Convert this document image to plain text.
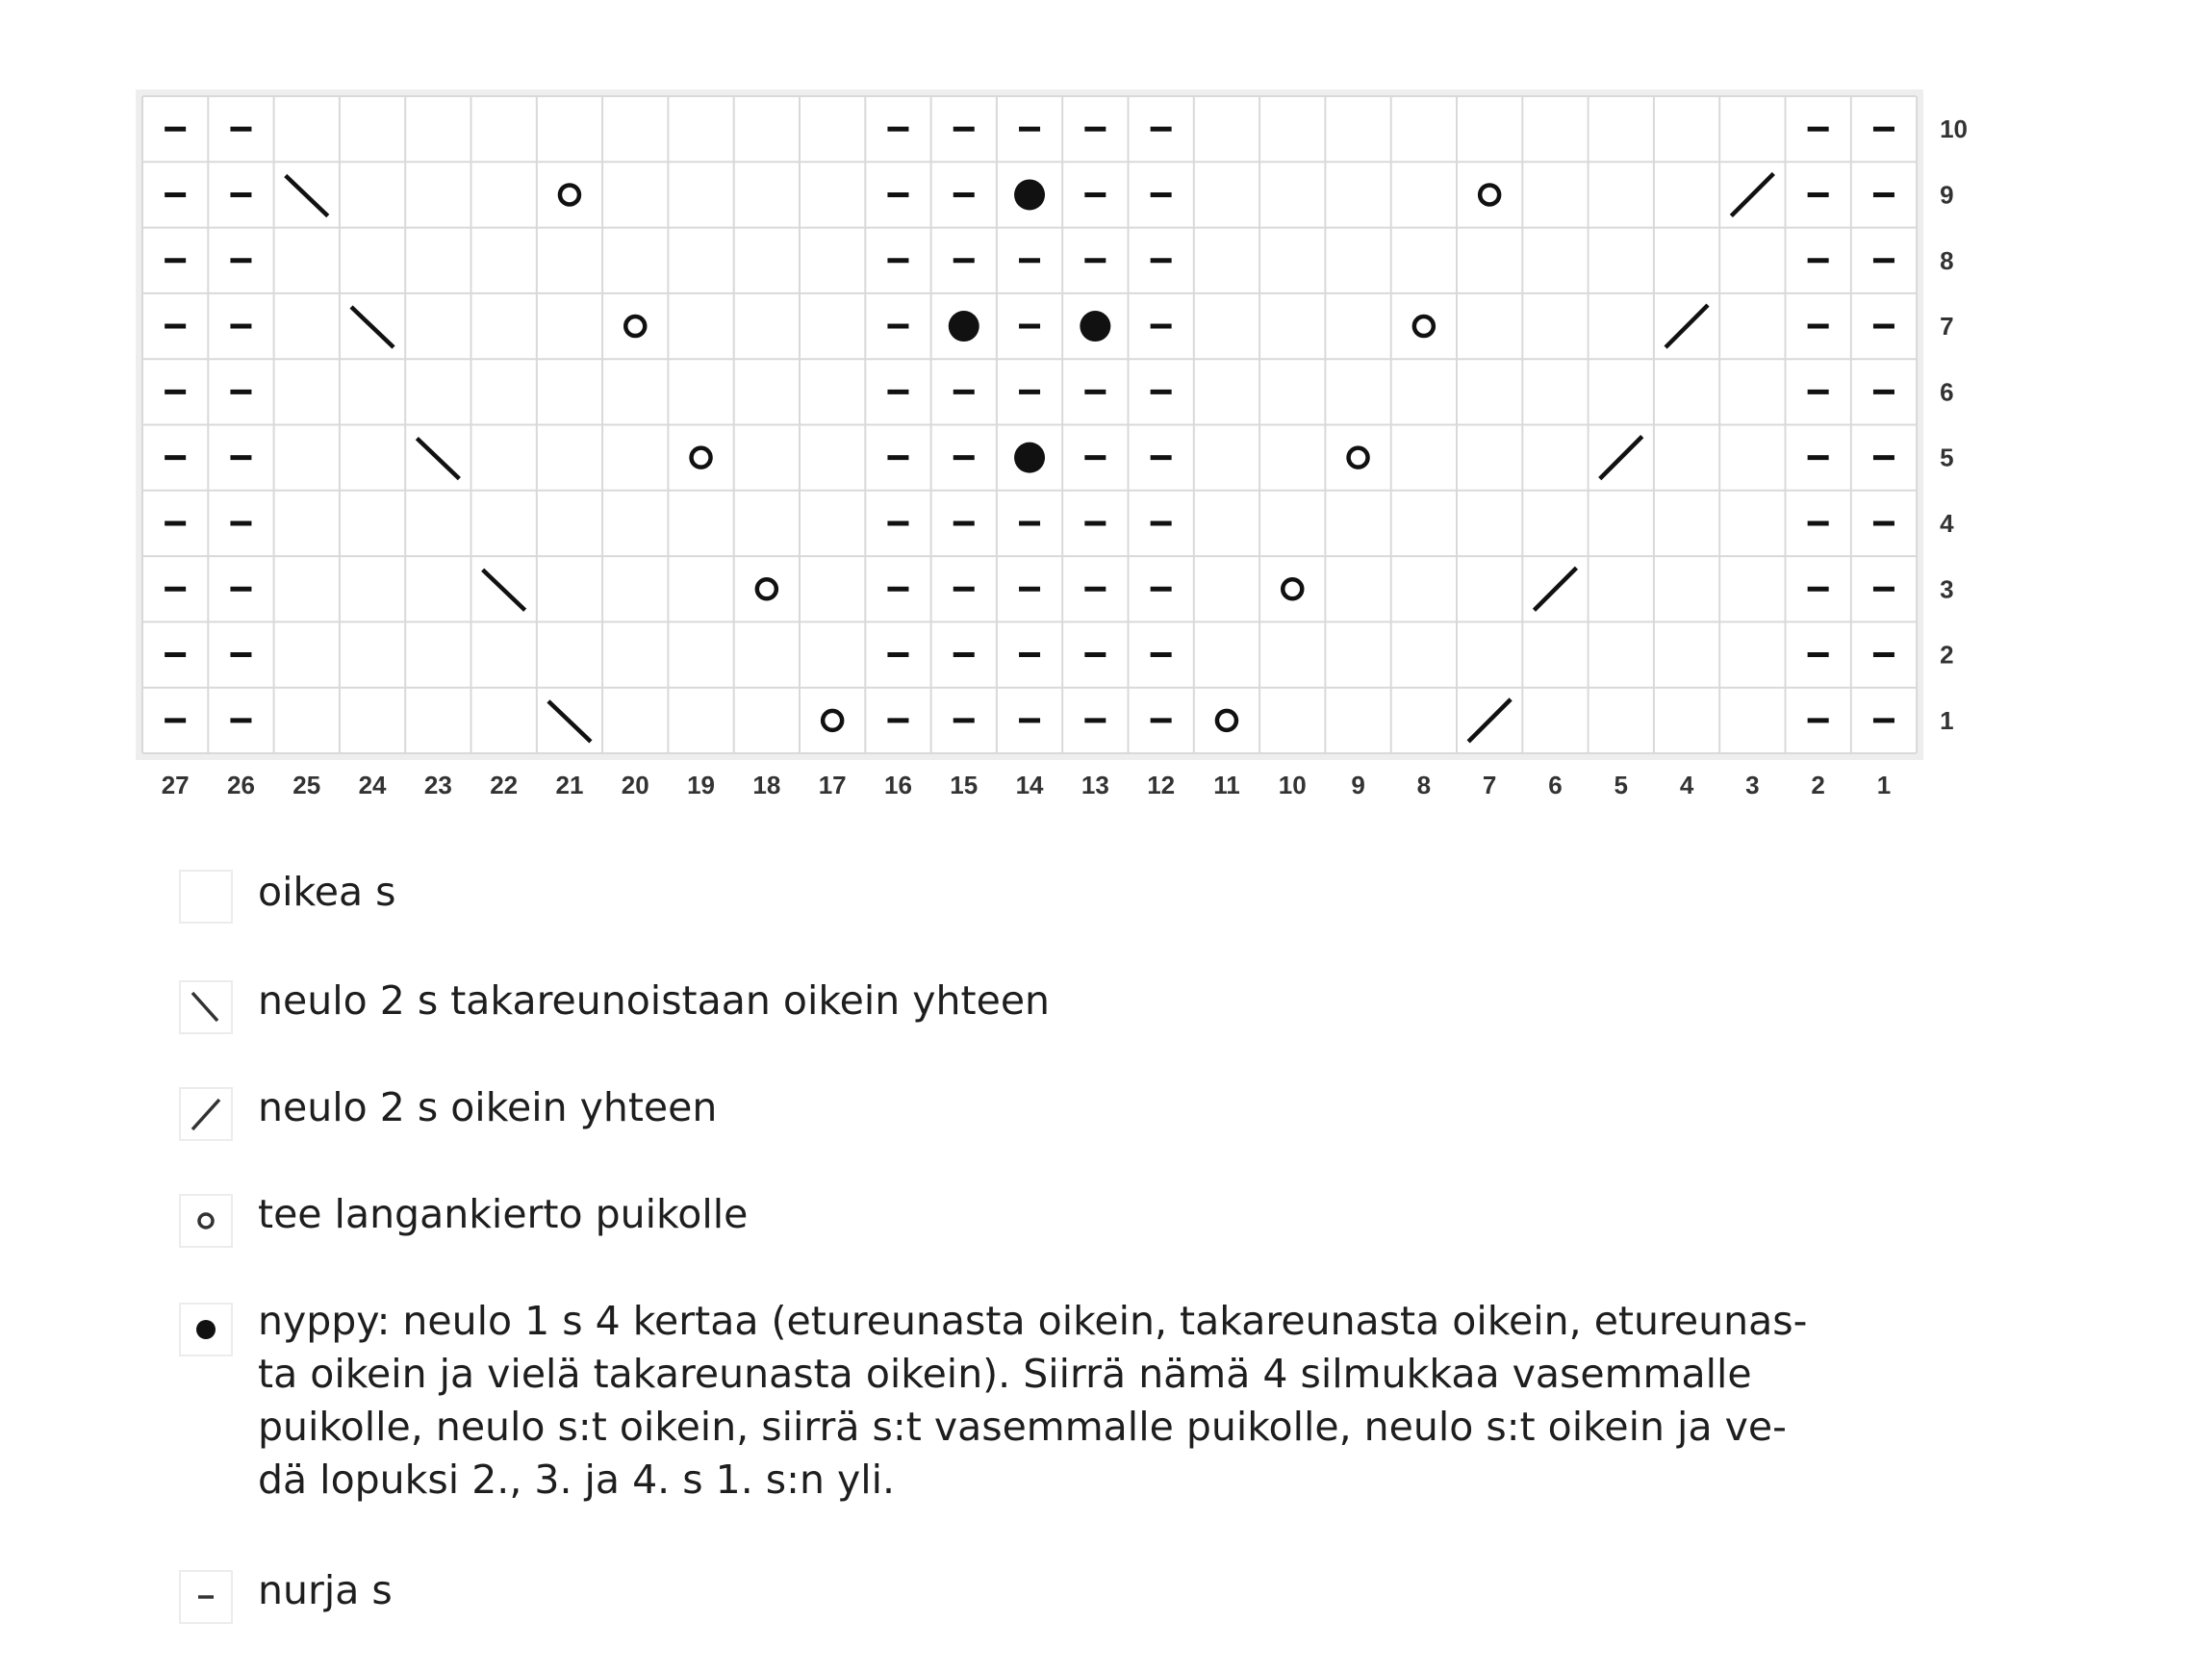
27 26 25 24 23 22 21 20 19 18 17 16 15 14 13 12 11 10 9 8 7 6 5 4 3 2 1
10
9
8
7
6
5
4
3
2
1
oikea s
neulo 2 s takareunoistaan oikein yhteen
neulo 2 s oikein yhteen
tee langankierto puikolle
nyppy: neulo 1 s 4 kertaa (etureunasta oikein, takareunasta oikein, etureunas-
ta oikein ja vielä takareunasta oikein). Siirrä nämä 4 silmukkaa vasemmalle
puikolle, neulo s:t oikein, siirrä s:t vasemmalle puikolle, neulo s:t oikein ja ve-
dä lopuksi 2., 3. ja 4. s 1. s:n yli.
nurja s
